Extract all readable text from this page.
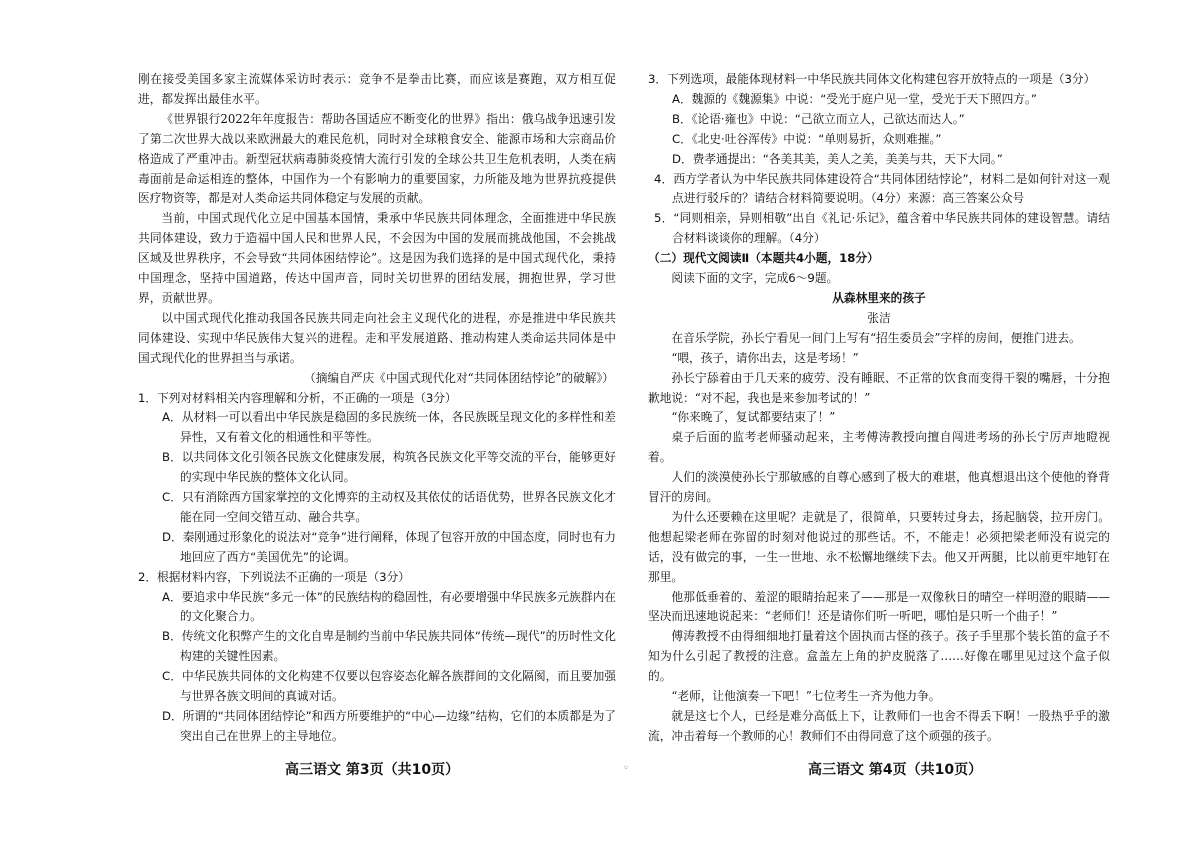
刚在接受美国多家主流媒体采访时表示：竞争不是拳击比赛，而应该是赛跑，双方相互促进，都发挥出最佳水平。

《世界银行2022年年度报告：帮助各国适应不断变化的世界》指出：俄乌战争迅速引发了第二次世界大战以来欧洲最大的难民危机，同时对全球粮食安全、能源市场和大宗商品价格造成了严重冲击。新型冠状病毒肺炎疫情大流行引发的全球公共卫生危机表明，人类在病毒面前是命运相连的整体，中国作为一个有影响力的重要国家，力所能及地为世界抗疫提供医疗物资等，都是对人类命运共同体稳定与发展的贡献。

当前，中国式现代化立足中国基本国情，秉承中华民族共同体理念，全面推进中华民族共同体建设，致力于造福中国人民和世界人民，不会因为中国的发展而挑战他国，不会挑战区域及世界秩序，不会导致“共同体困结悖论”。这是因为我们选择的是中国式现代化，秉持中国理念，坚持中国道路，传达中国声音，同时关切世界的团结发展，拥抱世界，学习世界，贡献世界。

以中国式现代化推动我国各民族共同走向社会主义现代化的进程，亦是推进中华民族共同体建设、实现中华民族伟大复兴的进程。走和平发展道路、推动构建人类命运共同体是中国式现代化的世界担当与承诺。

（摘编自严庆《中国式现代化对“共同体团结悖论”的破解》）

1．下列对材料相关内容理解和分析，不正确的一项是（3分）

A．从材料一可以看出中华民族是稳固的多民族统一体，各民族既呈现文化的多样性和差异性，又有着文化的相通性和平等性。

B．以共同体文化引领各民族文化健康发展，构筑各民族文化平等交流的平台，能够更好的实现中华民族的整体文化认同。

C．只有消除西方国家掌控的文化博弈的主动权及其依仗的话语优势，世界各民族文化才能在同一空间交错互动、融合共享。

D．秦刚通过形象化的说法对“竞争”进行阐释，体现了包容开放的中国态度，同时也有力地回应了西方“美国优先”的论调。

2．根据材料内容，下列说法不正确的一项是（3分）

A．要追求中华民族“多元一体”的民族结构的稳固性，有必要增强中华民族多元族群内在的文化聚合力。

B．传统文化积弊产生的文化自卑是制约当前中华民族共同体“传统—现代”的历时性文化构建的关键性因素。

C．中华民族共同体的文化构建不仅要以包容姿态化解各族群间的文化隔阂，而且要加强与世界各族文明间的真诚对话。

D．所谓的“共同体团结悖论”和西方所要维护的“中心—边缘”结构，它们的本质都是为了突出自己在世界上的主导地位。

3．下列选项，最能体现材料一中华民族共同体文化构建包容开放特点的一项是（3分）

A．魏源的《魏源集》中说：“受光于庭户见一堂，受光于天下照四方。”

B．《论语·雍也》中说：“己欲立而立人，己欲达而达人。”

C．《北史·吐谷浑传》中说：“单则易折，众则难摧。”

D．费孝通提出：“各美其美，美人之美，美美与共，天下大同。”

4．西方学者认为中华民族共同体建设符合“共同体团结悖论”，材料二是如何针对这一观点进行驳斥的？请结合材料简要说明。（4分）来源：高三答案公众号

5．“同则相亲，异则相敬”出自《礼记·乐记》，蕴含着中华民族共同体的建设智慧。请结合材料谈谈你的理解。（4分）

（二）现代文阅读Ⅱ（本题共4小题，18分）

阅读下面的文字，完成6～9题。

从森林里来的孩子

张洁

在音乐学院，孙长宁看见一间门上写有“招生委员会”字样的房间，便推门进去。

“喂，孩子，请你出去，这是考场！”

孙长宁舔着由于几天来的疲劳、没有睡眠、不正常的饮食而变得干裂的嘴唇，十分抱歉地说：“对不起，我也是来参加考试的！”

“你来晚了，复试都要结束了！”

桌子后面的监考老师骚动起来，主考傅涛教授向擅自闯进考场的孙长宁厉声地瞪视着。

人们的淡漠使孙长宁那敏感的自尊心感到了极大的难堪，他真想退出这个使他的脊背冒汗的房间。

为什么还要赖在这里呢？走就是了，很简单，只要转过身去，扬起脑袋，拉开房门。他想起梁老师在弥留的时刻对他说过的那些话。不，不能走！必须把梁老师没有说完的话，没有做完的事，一生一世地、永不松懈地继续下去。他又开两腿，比以前更牢地钉在那里。

他那低垂着的、羞涩的眼睛抬起来了——那是一双像秋日的晴空一样明澄的眼睛——坚决而迅速地说起来：“老师们！还是请你们听一听吧，哪怕是只听一个曲子！”

傅涛教授不由得细细地打量着这个固执而古怪的孩子。孩子手里那个装长笛的盒子不知为什么引起了教授的注意。盒盖左上角的护皮脱落了……好像在哪里见过这个盒子似的。

“老师，让他演奏一下吧！”七位考生一齐为他力争。

就是这七个人，已经是难分高低上下，让教师们一也舍不得丢下啊！一股热乎乎的激流，冲击着每一个教师的心！教师们不由得同意了这个顽强的孩子。

高三语文 第3页（共10页）	高三语文 第4页（共10页）
◦
